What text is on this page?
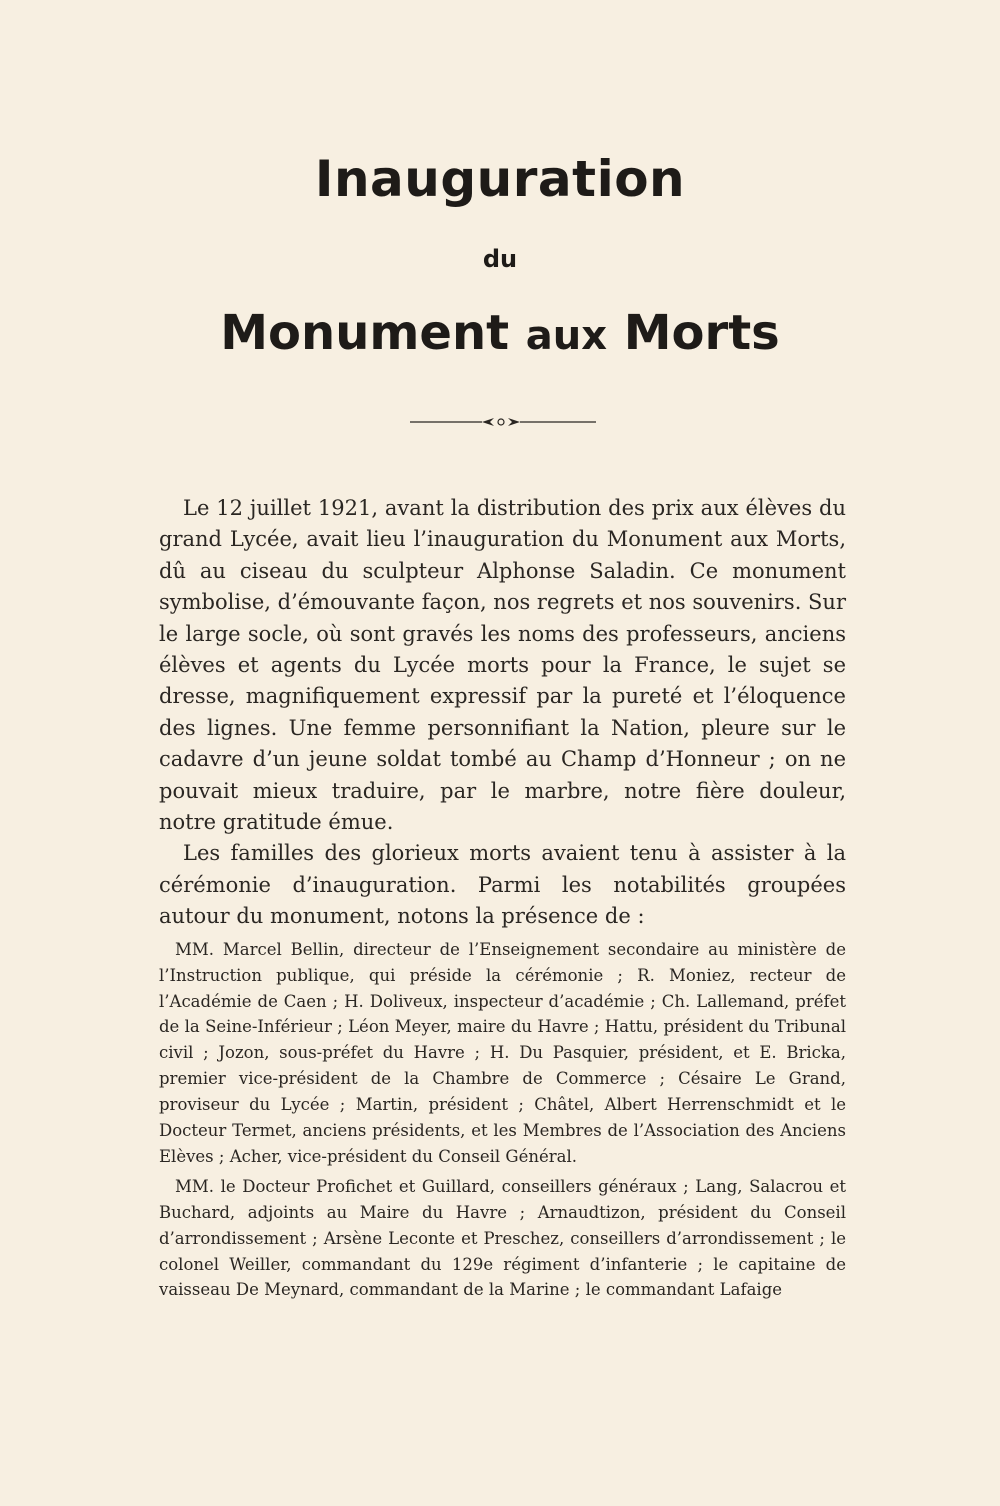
Inauguration
du
Monument aux Morts

Le 12 juillet 1921, avant la distribution des prix aux élèves du grand Lycée, avait lieu l’inauguration du Monument aux Morts, dû au ciseau du sculpteur Alphonse Saladin. Ce monument symbolise, d’émouvante façon, nos regrets et nos souvenirs. Sur le large socle, où sont gravés les noms des professeurs, anciens élèves et agents du Lycée morts pour la France, le sujet se dresse, magnifiquement expressif par la pureté et l’éloquence des lignes. Une femme personnifiant la Nation, pleure sur le cadavre d’un jeune soldat tombé au Champ d’Honneur ; on ne pouvait mieux traduire, par le marbre, notre fière douleur, notre gratitude émue.

Les familles des glorieux morts avaient tenu à assister à la cérémonie d’inauguration. Parmi les notabilités groupées autour du monument, notons la présence de :

MM. Marcel Bellin, directeur de l’Enseignement secondaire au ministère de l’Instruction publique, qui préside la cérémonie ; R. Moniez, recteur de l’Académie de Caen ; H. Doliveux, inspecteur d’académie ; Ch. Lallemand, préfet de la Seine-Inférieur ; Léon Meyer, maire du Havre ; Hattu, président du Tribunal civil ; Jozon, sous-préfet du Havre ; H. Du Pasquier, président, et E. Bricka, premier vice-président de la Chambre de Commerce ; Césaire Le Grand, proviseur du Lycée ; Martin, président ; Châtel, Albert Herrenschmidt et le Docteur Termet, anciens présidents, et les Membres de l’Association des Anciens Elèves ; Acher, vice-président du Conseil Général.

MM. le Docteur Profichet et Guillard, conseillers généraux ; Lang, Salacrou et Buchard, adjoints au Maire du Havre ; Arnaudtizon, président du Conseil d’arrondissement ; Arsène Leconte et Preschez, conseillers d’arrondissement ; le colonel Weiller, commandant du 129e régiment d’infanterie ; le capitaine de vaisseau De Meynard, commandant de la Marine ; le commandant Lafaige
